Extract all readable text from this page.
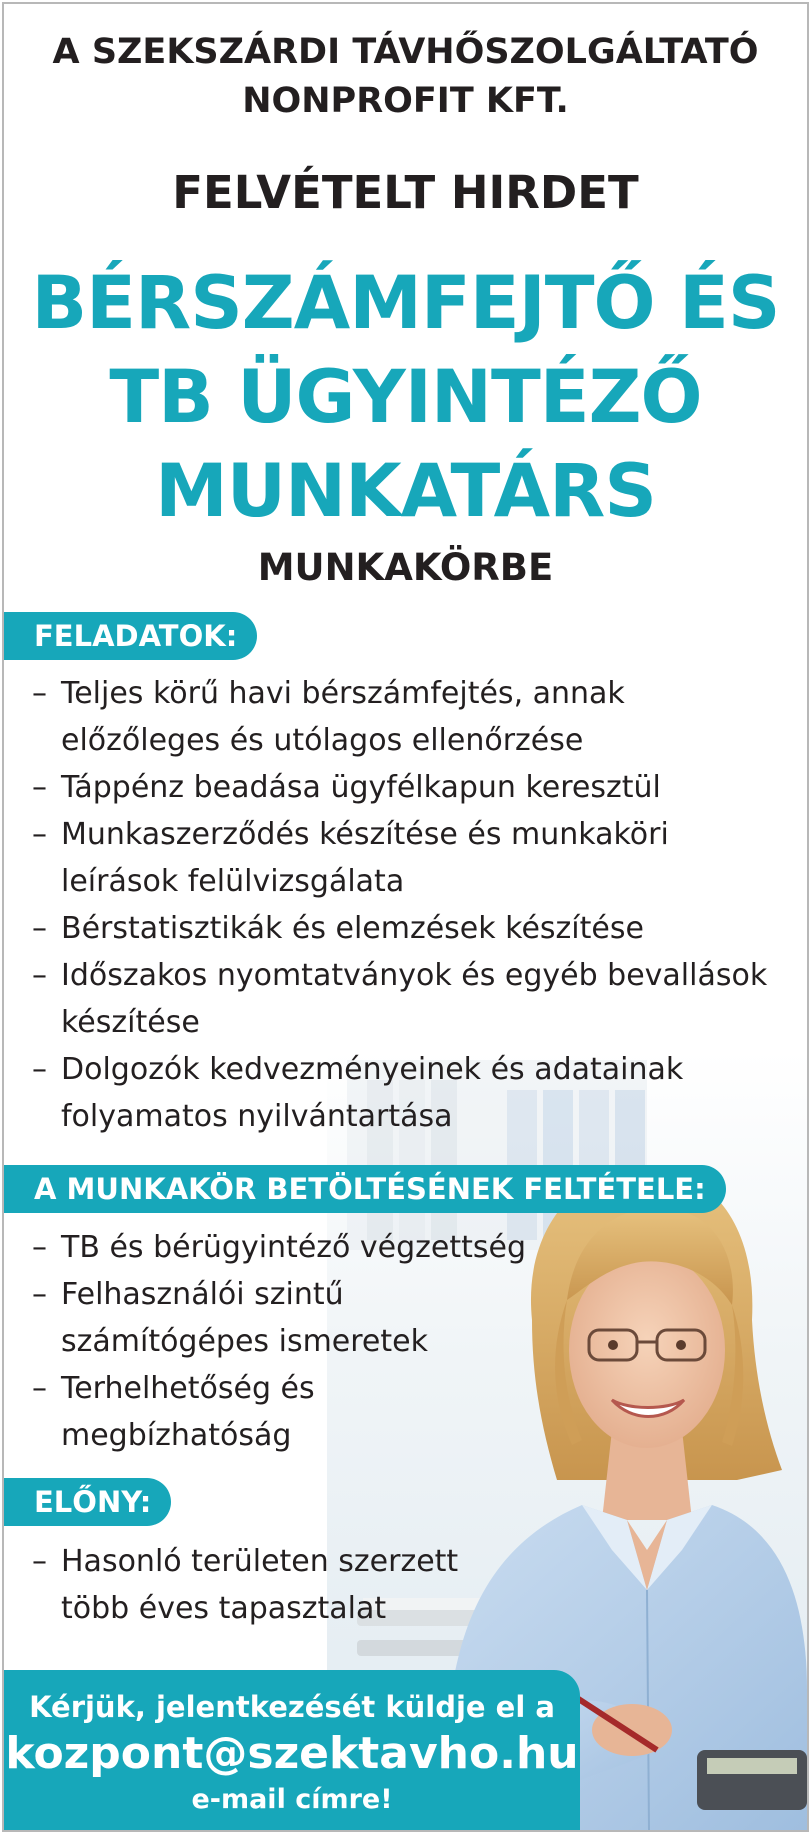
A SZEKSZÁRDI TÁVHŐSZOLGÁLTATÓ
NONPROFIT KFT.
FELVÉTELT HIRDET
BÉRSZÁMFEJTŐ ÉS
TB ÜGYINTÉZŐ
MUNKATÁRS
MUNKAKÖRBE
FELADATOK:
– Teljes körű havi bérszámfejtés, annak
előzőleges és utólagos ellenőrzése
– Táppénz beadása ügyfélkapun keresztül
– Munkaszerződés készítése és munkaköri
leírások felülvizsgálata
– Bérstatisztikák és elemzések készítése
– Időszakos nyomtatványok és egyéb bevallások
készítése
– Dolgozók kedvezményeinek és adatainak
folyamatos nyilvántartása
A MUNKAKÖR BETÖLTÉSÉNEK FELTÉTELE:
– TB és bérügyintéző végzettség
– Felhasználói szintű
számítógépes ismeretek
– Terhelhetőség és
megbízhatóság
ELŐNY:
– Hasonló területen szerzett
több éves tapasztalat
Kérjük, jelentkezését küldje el a
kozpont@szektavho.hu
e-mail címre!
